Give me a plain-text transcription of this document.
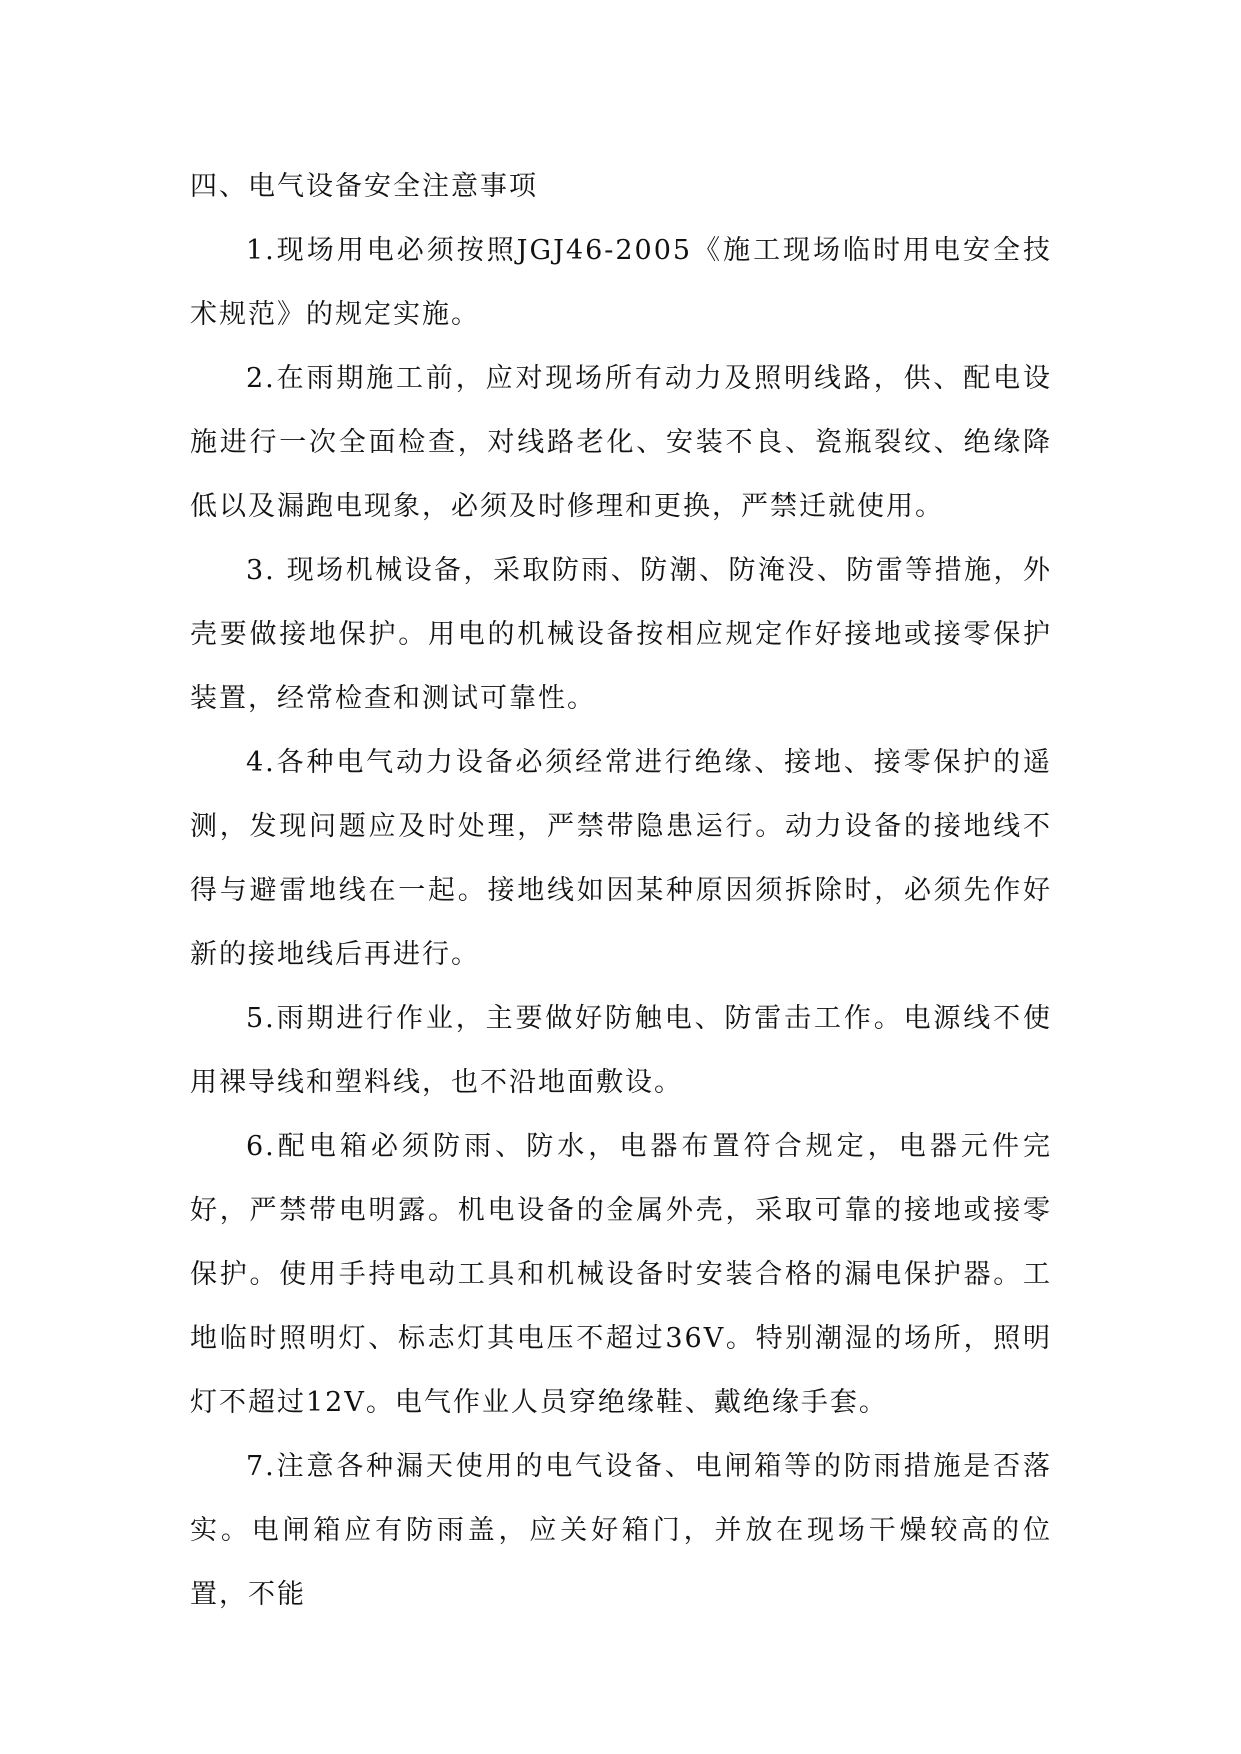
四、电气设备安全注意事项

1.现场用电必须按照JGJ46-2005《施工现场临时用电安全技术规范》的规定实施。

2.在雨期施工前，应对现场所有动力及照明线路，供、配电设施进行一次全面检查，对线路老化、安装不良、瓷瓶裂纹、绝缘降低以及漏跑电现象，必须及时修理和更换，严禁迁就使用。

3. 现场机械设备，采取防雨、防潮、防淹没、防雷等措施，外壳要做接地保护。用电的机械设备按相应规定作好接地或接零保护装置，经常检查和测试可靠性。

4.各种电气动力设备必须经常进行绝缘、接地、接零保护的遥测，发现问题应及时处理，严禁带隐患运行。动力设备的接地线不得与避雷地线在一起。接地线如因某种原因须拆除时，必须先作好新的接地线后再进行。

5.雨期进行作业，主要做好防触电、防雷击工作。电源线不使用裸导线和塑料线，也不沿地面敷设。

6.配电箱必须防雨、防水，电器布置符合规定，电器元件完好，严禁带电明露。机电设备的金属外壳，采取可靠的接地或接零保护。使用手持电动工具和机械设备时安装合格的漏电保护器。工地临时照明灯、标志灯其电压不超过36V。特别潮湿的场所，照明灯不超过12V。电气作业人员穿绝缘鞋、戴绝缘手套。

7.注意各种漏天使用的电气设备、电闸箱等的防雨措施是否落实。电闸箱应有防雨盖，应关好箱门，并放在现场干燥较高的位置，不能
